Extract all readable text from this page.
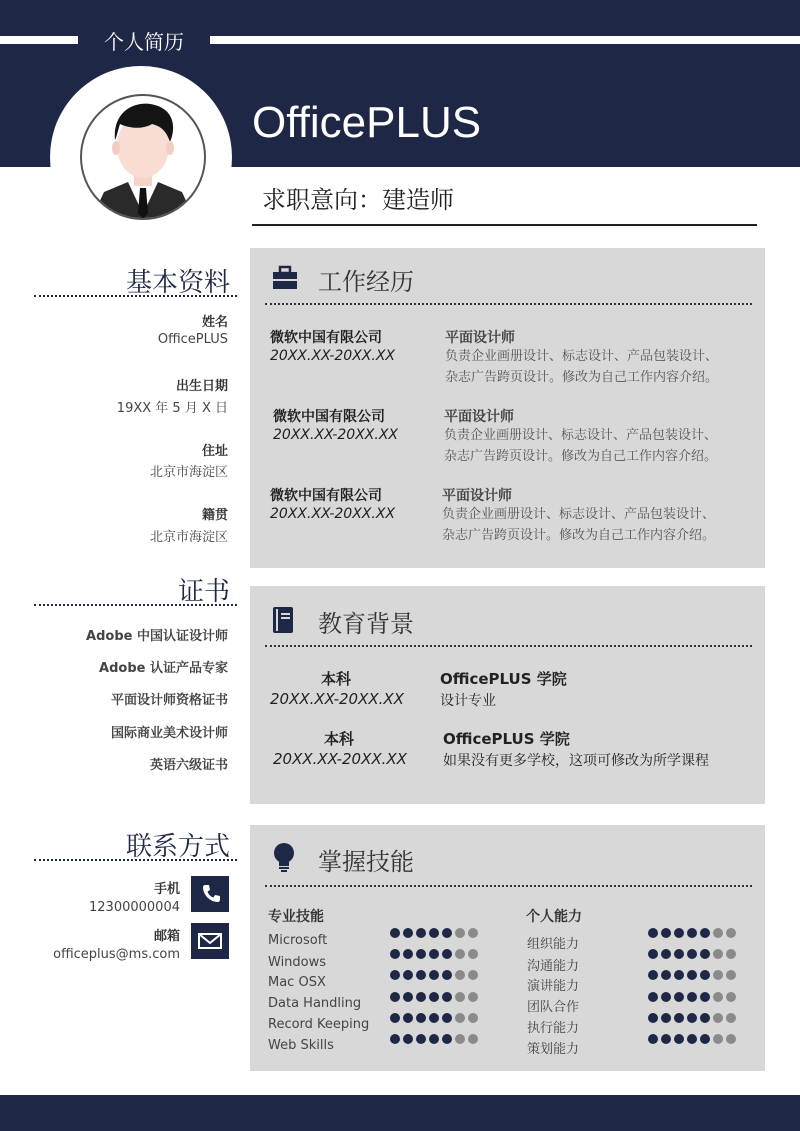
个人简历
OfficePLUS
求职意向：建造师
基本资料
姓名
OfficePLUS
出生日期
19XX 年 5 月 X 日
住址
北京市海淀区
籍贯
北京市海淀区
证书
Adobe 中国认证设计师
Adobe 认证产品专家
平面设计师资格证书
国际商业美术设计师
英语六级证书
联系方式
手机
12300000004
邮箱
officeplus@ms.com
工作经历
微软中国有限公司
20XX.XX-20XX.XX
平面设计师
负责企业画册设计、标志设计、产品包装设计、
杂志广告跨页设计。修改为自己工作内容介绍。
微软中国有限公司
20XX.XX-20XX.XX
平面设计师
负责企业画册设计、标志设计、产品包装设计、
杂志广告跨页设计。修改为自己工作内容介绍。
微软中国有限公司
20XX.XX-20XX.XX
平面设计师
负责企业画册设计、标志设计、产品包装设计、
杂志广告跨页设计。修改为自己工作内容介绍。
教育背景
本科
20XX.XX-20XX.XX
OfficePLUS 学院
设计专业
本科
20XX.XX-20XX.XX
OfficePLUS 学院
如果没有更多学校，这项可修改为所学课程
掌握技能
专业技能	个人能力
Microsoft
Windows
Mac OSX
Data Handling
Record Keeping
Web Skills
组织能力
沟通能力
演讲能力
团队合作
执行能力
策划能力
